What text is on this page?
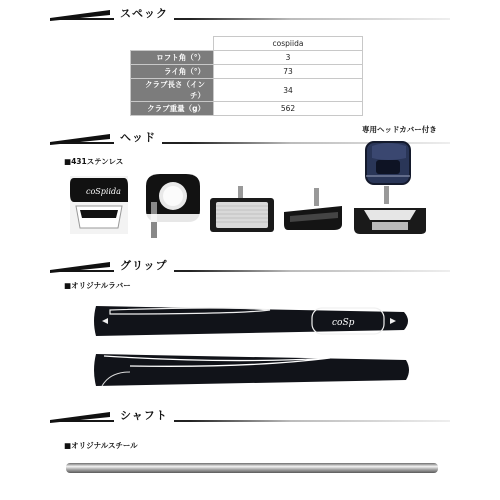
スペック
	cospiida
ロフト角（°）	3
ライ角（°）	73
クラブ長さ（インチ）	34
クラブ重量（g）	562
ヘッド
専用ヘッドカバー付き
■431ステンレス
coSpiida
グリップ
■オリジナルラバー
coSp
シャフト
■オリジナルスチール
